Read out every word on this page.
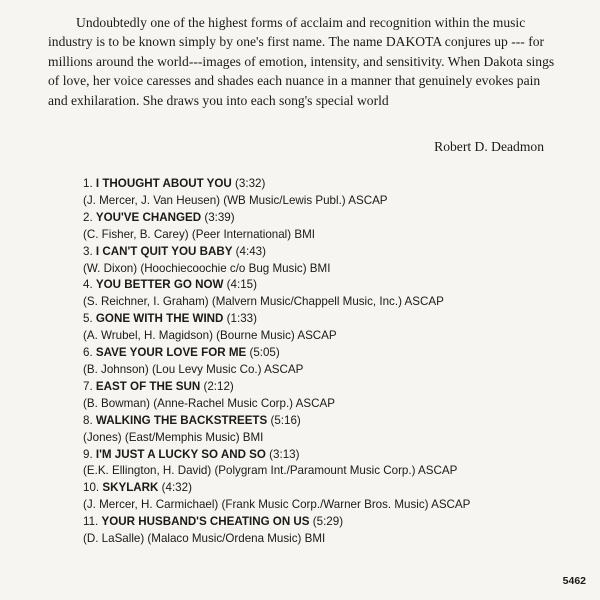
Undoubtedly one of the highest forms of acclaim and recognition within the music industry is to be known simply by one's first name. The name DAKOTA conjures up --- for millions around the world---images of emotion, intensity, and sensitivity. When Dakota sings of love, her voice caresses and shades each nuance in a manner that genuinely evokes pain and exhilaration. She draws you into each song's special world
Robert D. Deadmon
1. I THOUGHT ABOUT YOU (3:32)
(J. Mercer, J. Van Heusen) (WB Music/Lewis Publ.) ASCAP
2. YOU'VE CHANGED (3:39)
(C. Fisher, B. Carey) (Peer International) BMI
3. I CAN'T QUIT YOU BABY (4:43)
(W. Dixon) (Hoochiecoochie c/o Bug Music) BMI
4. YOU BETTER GO NOW (4:15)
(S. Reichner, I. Graham) (Malvern Music/Chappell Music, Inc.) ASCAP
5. GONE WITH THE WIND (1:33)
(A. Wrubel, H. Magidson) (Bourne Music) ASCAP
6. SAVE YOUR LOVE FOR ME (5:05)
(B. Johnson) (Lou Levy Music Co.) ASCAP
7. EAST OF THE SUN (2:12)
(B. Bowman) (Anne-Rachel Music Corp.) ASCAP
8. WALKING THE BACKSTREETS (5:16)
(Jones) (East/Memphis Music) BMI
9. I'M JUST A LUCKY SO AND SO (3:13)
(E.K. Ellington, H. David) (Polygram Int./Paramount Music Corp.) ASCAP
10. SKYLARK (4:32)
(J. Mercer, H. Carmichael) (Frank Music Corp./Warner Bros. Music) ASCAP
11. YOUR HUSBAND'S CHEATING ON US (5:29)
(D. LaSalle) (Malaco Music/Ordena Music) BMI
5462
